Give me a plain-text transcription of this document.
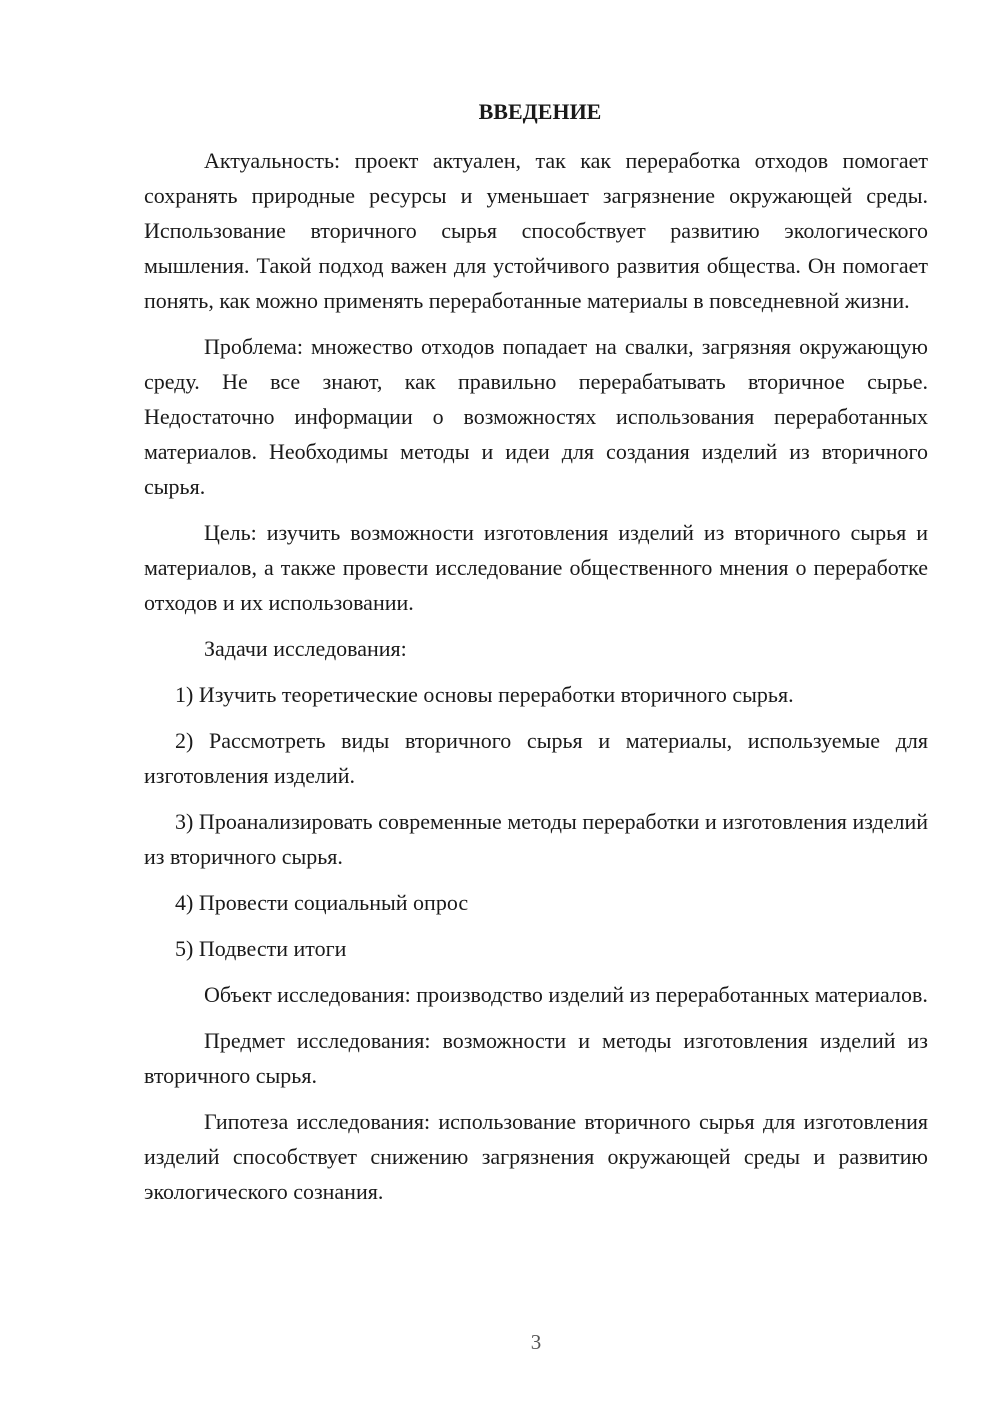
ВВЕДЕНИЕ

Актуальность: проект актуален, так как переработка отходов помогает сохранять природные ресурсы и уменьшает загрязнение окружающей среды. Использование вторичного сырья способствует развитию экологического мышления. Такой подход важен для устойчивого развития общества. Он помогает понять, как можно применять переработанные материалы в повседневной жизни.

Проблема: множество отходов попадает на свалки, загрязняя окружающую среду. Не все знают, как правильно перерабатывать вторичное сырье. Недостаточно информации о возможностях использования переработанных материалов. Необходимы методы и идеи для создания изделий из вторичного сырья.

Цель: изучить возможности изготовления изделий из вторичного сырья и материалов, а также провести исследование общественного мнения о переработке отходов и их использовании.

Задачи исследования:

1) Изучить теоретические основы переработки вторичного сырья.

2) Рассмотреть виды вторичного сырья и материалы, используемые для изготовления изделий.

3) Проанализировать современные методы переработки и изготовления изделий из вторичного сырья.

4) Провести социальный опрос

5) Подвести итоги

Объект исследования: производство изделий из переработанных материалов.

Предмет исследования: возможности и методы изготовления изделий из вторичного сырья.

Гипотеза исследования: использование вторичного сырья для изготовления изделий способствует снижению загрязнения окружающей среды и развитию экологического сознания.

3
